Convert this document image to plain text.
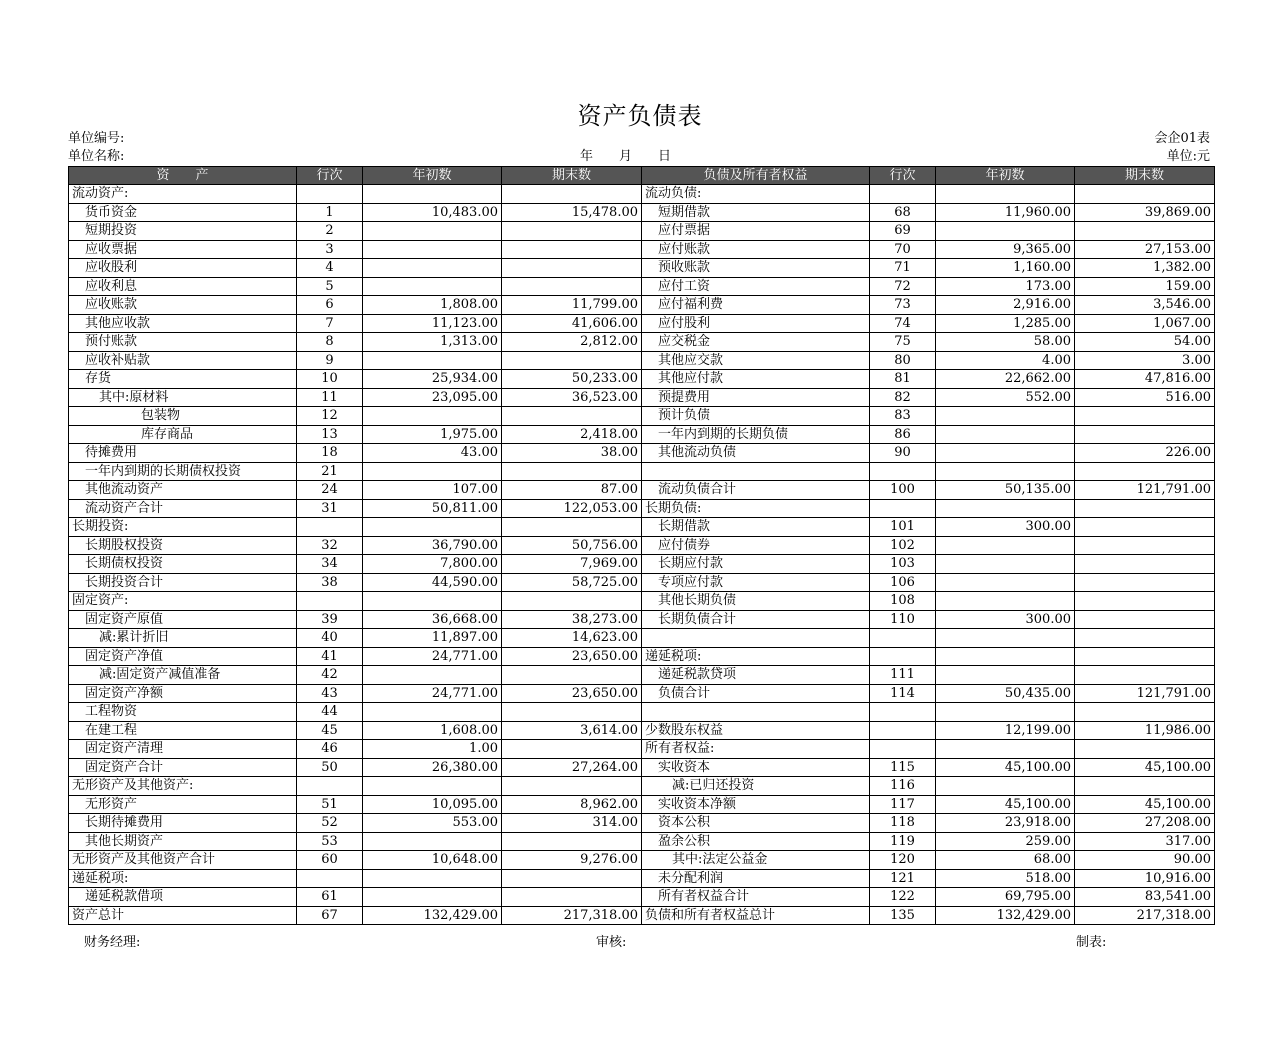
资产负债表
单位编号:
单位名称:	年　　月　　日
会企01表
单位:元
资　　产	行次	年初数	期末数	负债及所有者权益	行次	年初数	期末数
流动资产:				流动负债:			
货币资金	1	10,483.00	15,478.00	短期借款	68	11,960.00	39,869.00
短期投资	2			应付票据	69		
应收票据	3			应付账款	70	9,365.00	27,153.00
应收股利	4			预收账款	71	1,160.00	1,382.00
应收利息	5			应付工资	72	173.00	159.00
应收账款	6	1,808.00	11,799.00	应付福利费	73	2,916.00	3,546.00
其他应收款	7	11,123.00	41,606.00	应付股利	74	1,285.00	1,067.00
预付账款	8	1,313.00	2,812.00	应交税金	75	58.00	54.00
应收补贴款	9			其他应交款	80	4.00	3.00
存货	10	25,934.00	50,233.00	其他应付款	81	22,662.00	47,816.00
其中:原材料	11	23,095.00	36,523.00	预提费用	82	552.00	516.00
包装物	12			预计负债	83		
库存商品	13	1,975.00	2,418.00	一年内到期的长期负债	86		
待摊费用	18	43.00	38.00	其他流动负债	90		226.00
一年内到期的长期债权投资	21						
其他流动资产	24	107.00	87.00	流动负债合计	100	50,135.00	121,791.00
流动资产合计	31	50,811.00	122,053.00	长期负债:			
长期投资:				长期借款	101	300.00	
长期股权投资	32	36,790.00	50,756.00	应付债券	102		
长期债权投资	34	7,800.00	7,969.00	长期应付款	103		
长期投资合计	38	44,590.00	58,725.00	专项应付款	106		
固定资产:				其他长期负债	108		
固定资产原值	39	36,668.00	38,273.00	长期负债合计	110	300.00	
减:累计折旧	40	11,897.00	14,623.00				
固定资产净值	41	24,771.00	23,650.00	递延税项:			
减:固定资产减值准备	42			递延税款贷项	111		
固定资产净额	43	24,771.00	23,650.00	负债合计	114	50,435.00	121,791.00
工程物资	44						
在建工程	45	1,608.00	3,614.00	少数股东权益		12,199.00	11,986.00
固定资产清理	46	1.00		所有者权益:			
固定资产合计	50	26,380.00	27,264.00	实收资本	115	45,100.00	45,100.00
无形资产及其他资产:				减:已归还投资	116		
无形资产	51	10,095.00	8,962.00	实收资本净额	117	45,100.00	45,100.00
长期待摊费用	52	553.00	314.00	资本公积	118	23,918.00	27,208.00
其他长期资产	53			盈余公积	119	259.00	317.00
无形资产及其他资产合计	60	10,648.00	9,276.00	其中:法定公益金	120	68.00	90.00
递延税项:				未分配利润	121	518.00	10,916.00
递延税款借项	61			所有者权益合计	122	69,795.00	83,541.00
资产总计	67	132,429.00	217,318.00	负债和所有者权益总计	135	132,429.00	217,318.00
财务经理:	审核:	制表:
